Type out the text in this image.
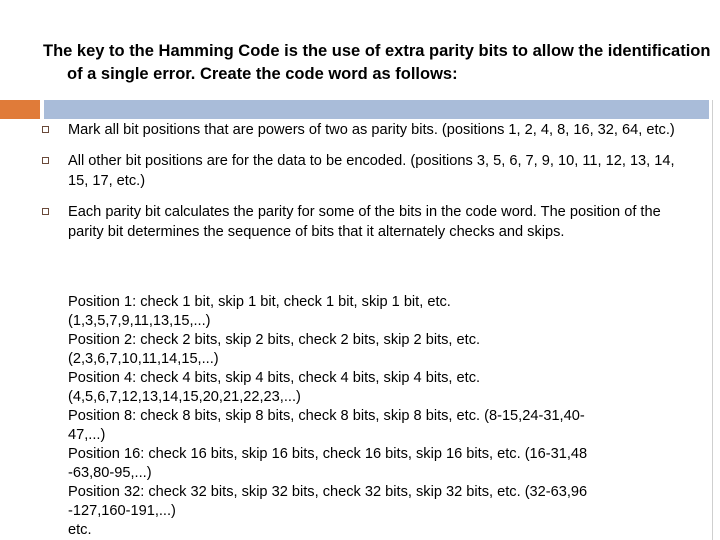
The key to the Hamming Code is the use of extra parity bits to allow the identification of a single error. Create the code word as follows:
Mark all bit positions that are powers of two as parity bits. (positions 1, 2, 4, 8, 16, 32, 64, etc.)
All other bit positions are for the data to be encoded. (positions 3, 5, 6, 7, 9, 10, 11, 12, 13, 14, 15, 17, etc.)
Each parity bit calculates the parity for some of the bits in the code word. The position of the parity bit determines the sequence of bits that it alternately checks and skips.
Position 1: check 1 bit, skip 1 bit, check 1 bit, skip 1 bit, etc.
(1,3,5,7,9,11,13,15,...)
Position 2: check 2 bits, skip 2 bits, check 2 bits, skip 2 bits, etc.
(2,3,6,7,10,11,14,15,...)
Position 4: check 4 bits, skip 4 bits, check 4 bits, skip 4 bits, etc.
(4,5,6,7,12,13,14,15,20,21,22,23,...)
Position 8: check 8 bits, skip 8 bits, check 8 bits, skip 8 bits, etc. (8-15,24-31,40-
47,...)
Position 16: check 16 bits, skip 16 bits, check 16 bits, skip 16 bits, etc. (16-31,48
-63,80-95,...)
Position 32: check 32 bits, skip 32 bits, check 32 bits, skip 32 bits, etc. (32-63,96
-127,160-191,...)
etc.
